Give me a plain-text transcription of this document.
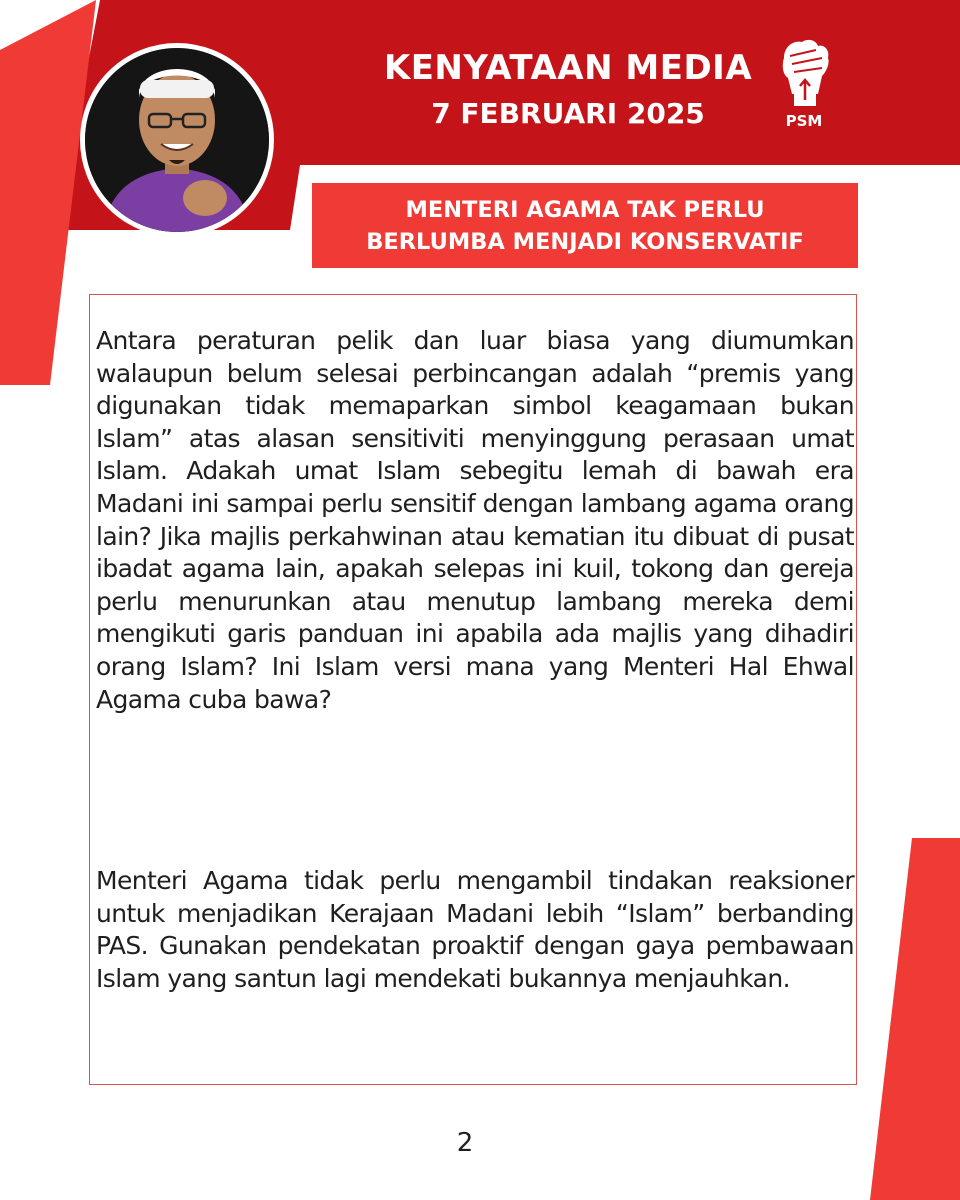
KENYATAAN MEDIA
7 FEBRUARI 2025	PSM
MENTERI AGAMA TAK PERLU
BERLUMBA MENJADI KONSERVATIF

Antara peraturan pelik dan luar biasa yang diumumkan walaupun belum selesai perbincangan adalah “premis yang digunakan tidak memaparkan simbol keagamaan bukan Islam” atas alasan sensitiviti menyinggung perasaan umat Islam. Adakah umat Islam sebegitu lemah di bawah era Madani ini sampai perlu sensitif dengan lambang agama orang lain? Jika majlis perkahwinan atau kematian itu dibuat di pusat ibadat agama lain, apakah selepas ini kuil, tokong dan gereja perlu menurunkan atau menutup lambang mereka demi mengikuti garis panduan ini apabila ada majlis yang dihadiri orang Islam? Ini Islam versi mana yang Menteri Hal Ehwal Agama cuba bawa?

Menteri Agama tidak perlu mengambil tindakan reaksioner untuk menjadikan Kerajaan Madani lebih “Islam” berbanding PAS. Gunakan pendekatan proaktif dengan gaya pembawaan Islam yang santun lagi mendekati bukannya menjauhkan.

2
